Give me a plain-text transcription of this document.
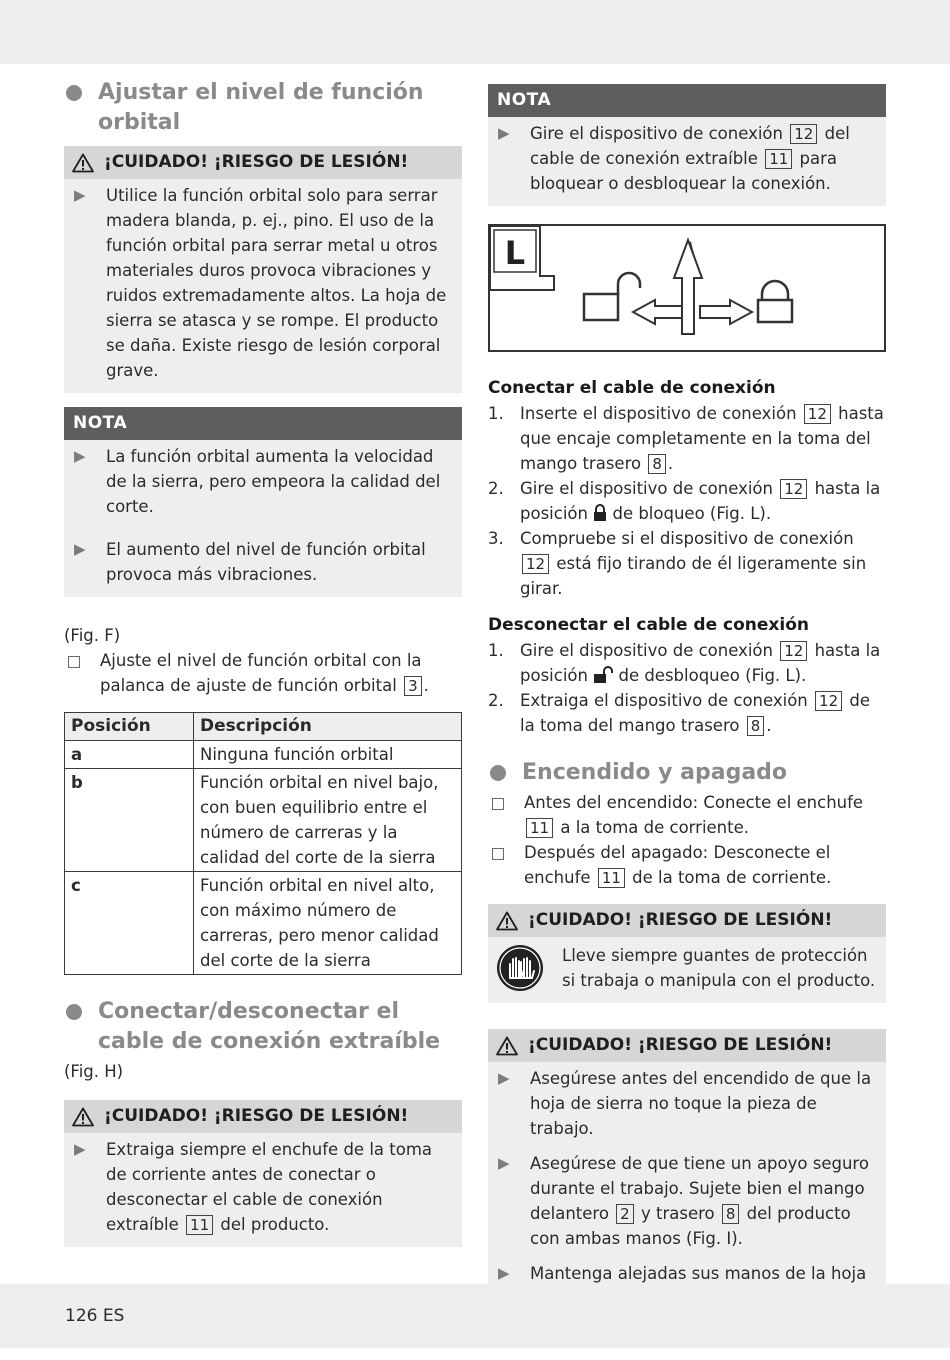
Ajustar el nivel de función orbital
¡CUIDADO! ¡RIESGO DE LESIÓN!
▶	Utilice la función orbital solo para serrar madera blanda, p. ej., pino. El uso de la función orbital para serrar metal u otros materiales duros provoca vibraciones y ruidos extremadamente altos. La hoja de sierra se atasca y se rompe. El producto se daña. Existe riesgo de lesión corporal grave.
NOTA
▶	La función orbital aumenta la velocidad de la sierra, pero empeora la calidad del corte.
▶	El aumento del nivel de función orbital provoca más vibraciones.

(Fig. F)

Ajuste el nivel de función orbital con la palanca de ajuste de función orbital 3 .
Posición	Descripción
a	Ninguna función orbital
b	Función orbital en nivel bajo, con buen equilibrio entre el número de carreras y la calidad del corte de la sierra
c	Función orbital en nivel alto, con máximo número de carreras, pero menor calidad del corte de la sierra
Conectar/desconectar el cable de conexión extraíble

(Fig. H)

¡CUIDADO! ¡RIESGO DE LESIÓN!
▶	Extraiga siempre el enchufe de la toma de corriente antes de conectar o desconectar el cable de conexión extraíble 11 del producto.
NOTA
▶	Gire el dispositivo de conexión 12 del cable de conexión extraíble 11 para bloquear o desbloquear la conexión.
L

Conectar el cable de conexión

1. Inserte el dispositivo de conexión 12 hasta que encaje completamente en la toma del mango trasero 8 .
2. Gire el dispositivo de conexión 12 hasta la posición de bloqueo (Fig. L).
3. Compruebe si el dispositivo de conexión 12 está fijo tirando de él ligeramente sin girar.

Desconectar el cable de conexión

1. Gire el dispositivo de conexión 12 hasta la posición de desbloqueo (Fig. L).
2. Extraiga el dispositivo de conexión 12 de la toma del mango trasero 8 .
Encendido y apagado
Antes del encendido: Conecte el enchufe 11 a la toma de corriente.
Después del apagado: Desconecte el enchufe 11 de la toma de corriente.
¡CUIDADO! ¡RIESGO DE LESIÓN!
Lleve siempre guantes de protección si trabaja o manipula con el producto.
¡CUIDADO! ¡RIESGO DE LESIÓN!
▶	Asegúrese antes del encendido de que la hoja de sierra no toque la pieza de trabajo.
▶	Asegúrese de que tiene un apoyo seguro durante el trabajo. Sujete bien el mango delantero 2 y trasero 8 del producto con ambas manos (Fig. I).
▶	Mantenga alejadas sus manos de la hoja
126 ES
